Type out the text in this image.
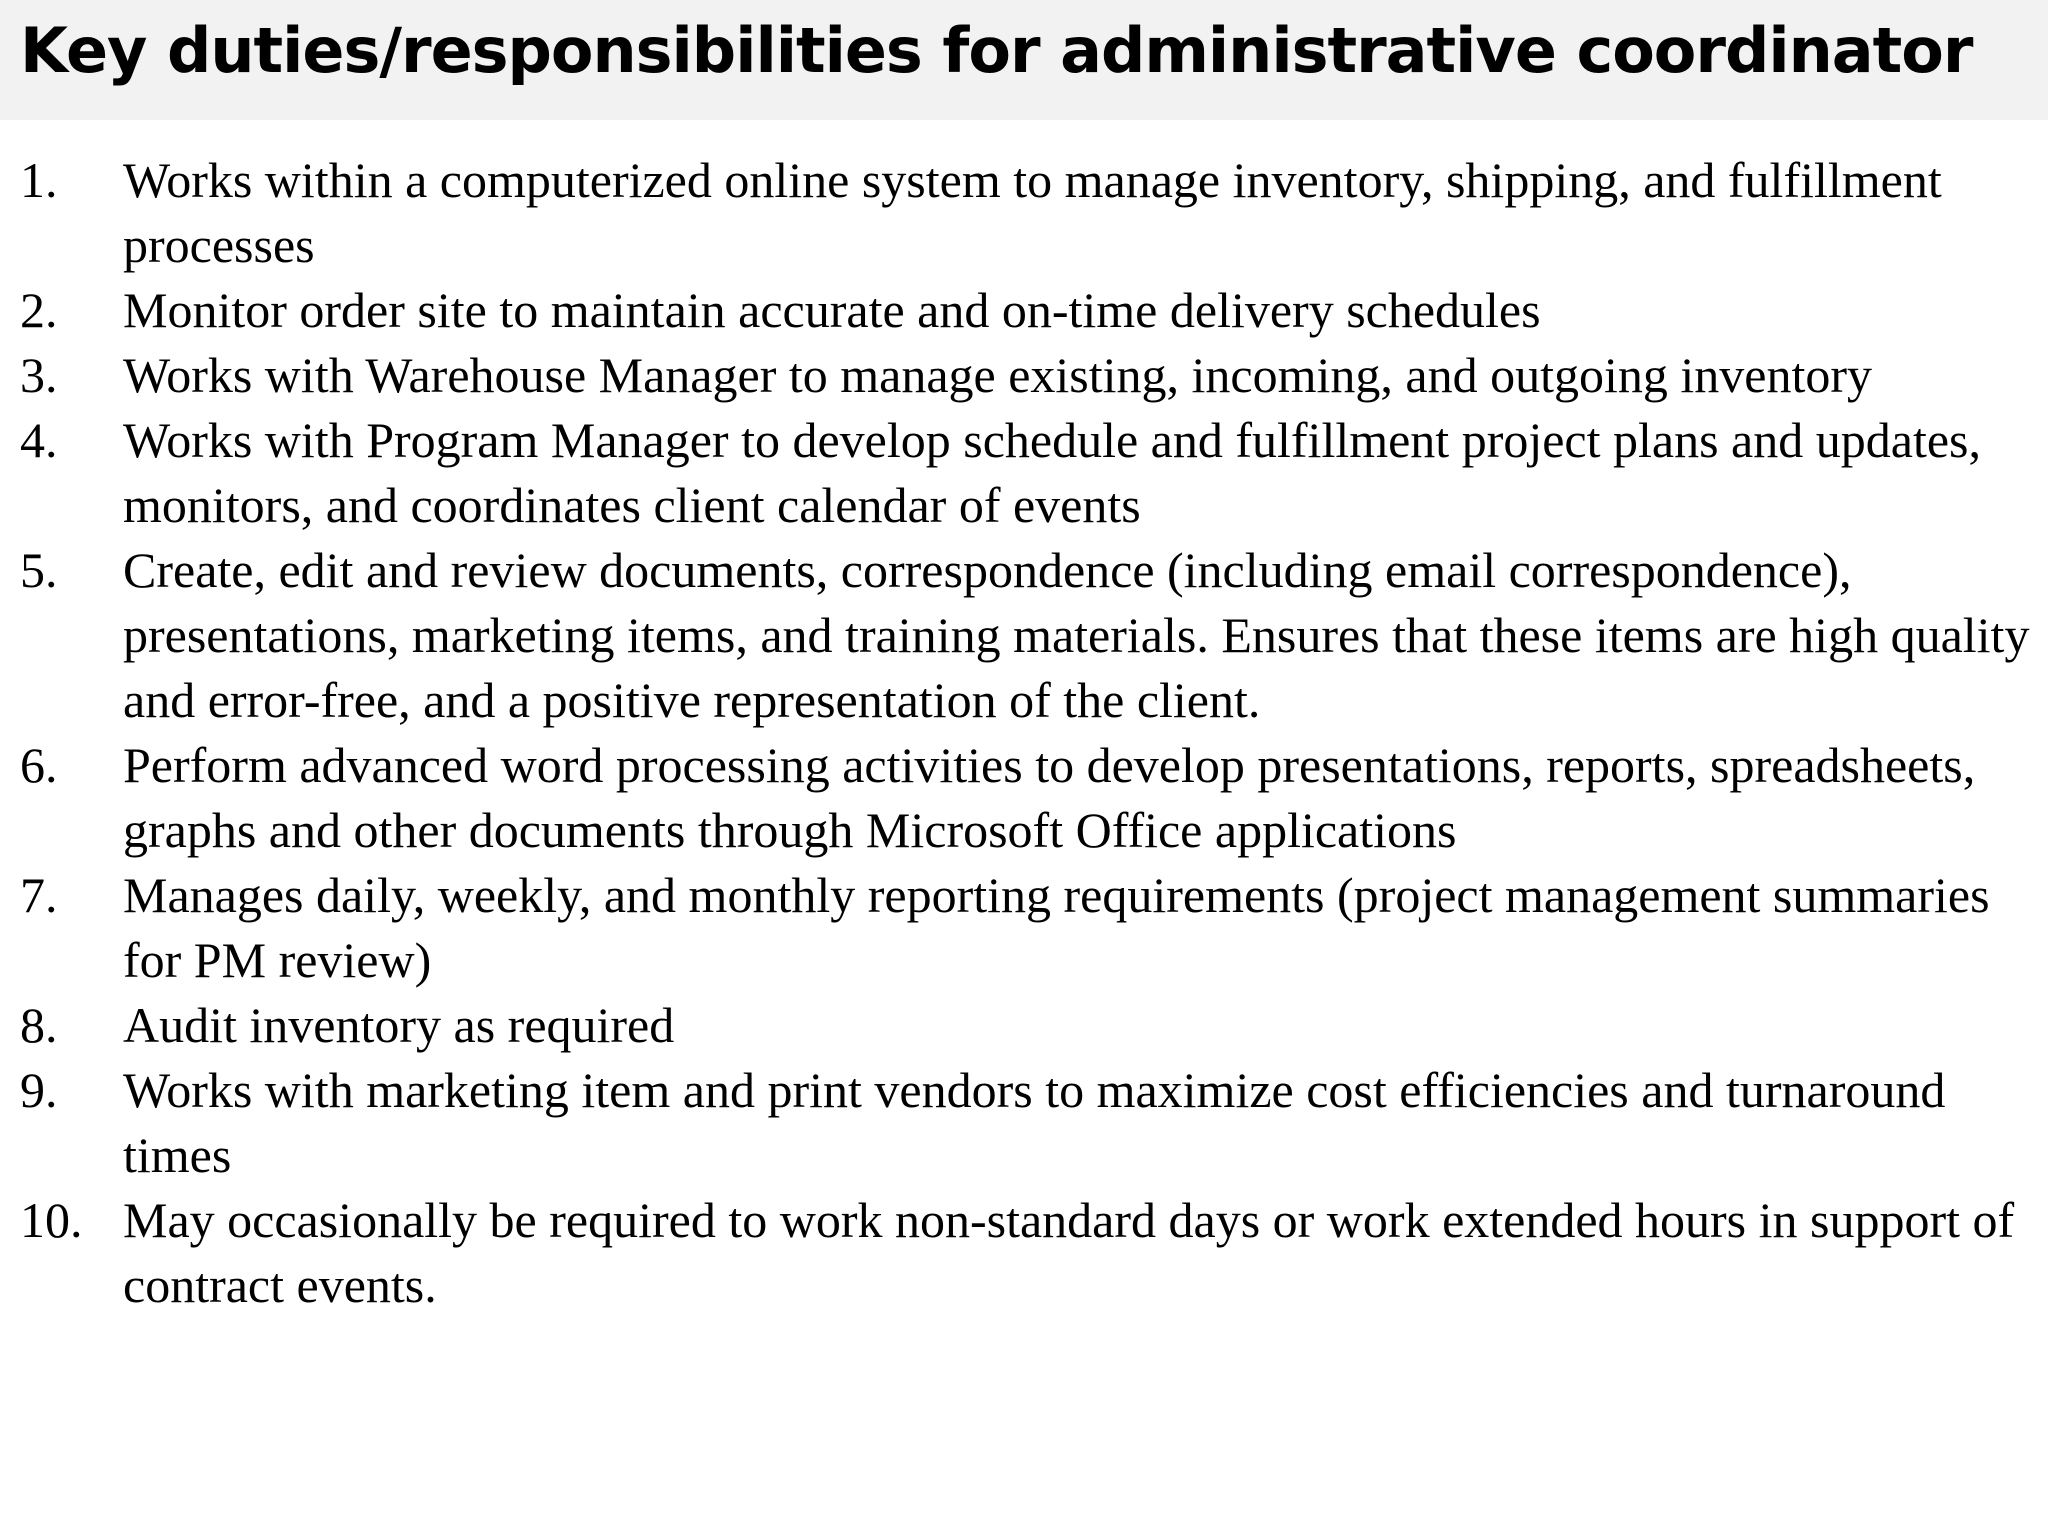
Key duties/responsibilities for administrative coordinator
1. Works within a computerized online system to manage inventory, shipping, and fulfillment processes
2. Monitor order site to maintain accurate and on-time delivery schedules
3. Works with Warehouse Manager to manage existing, incoming, and outgoing inventory
4. Works with Program Manager to develop schedule and fulfillment project plans and updates, monitors, and coordinates client calendar of events
5. Create, edit and review documents, correspondence (including email correspondence), presentations, marketing items, and training materials. Ensures that these items are high quality and error-free, and a positive representation of the client.
6. Perform advanced word processing activities to develop presentations, reports, spreadsheets, graphs and other documents through Microsoft Office applications
7. Manages daily, weekly, and monthly reporting requirements (project management summaries for PM review)
8. Audit inventory as required
9. Works with marketing item and print vendors to maximize cost efficiencies and turnaround times
10. May occasionally be required to work non-standard days or work extended hours in support of contract events.
